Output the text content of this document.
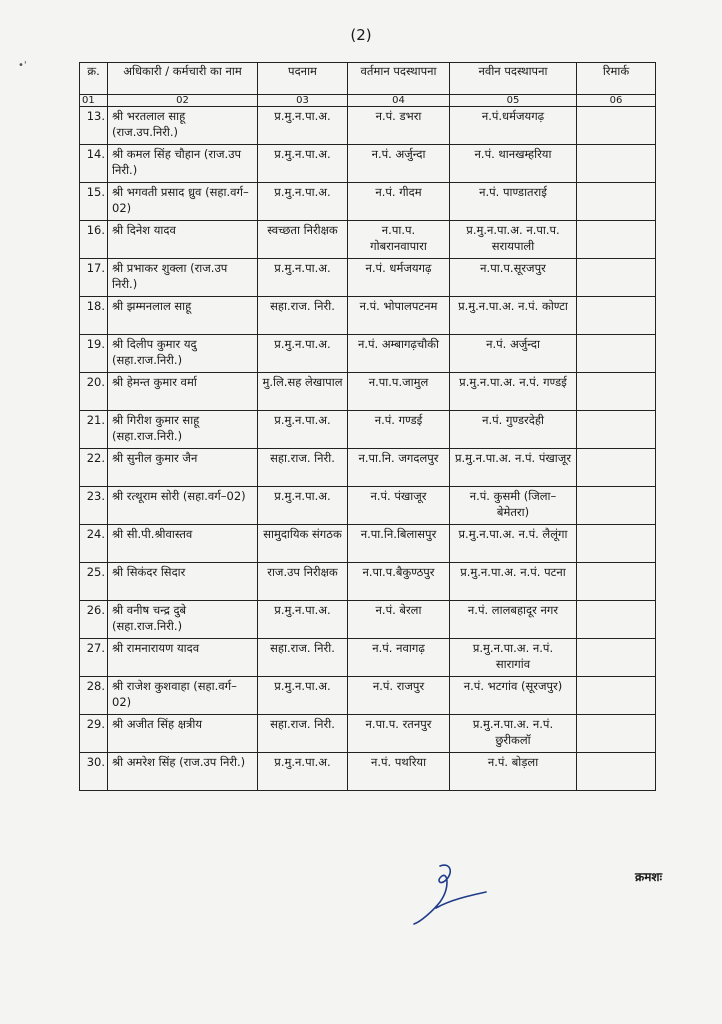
(2)
•'	क्र.	अधिकारी / कर्मचारी का नाम	पदनाम	वर्तमान पदस्थापना	नवीन पदस्थापना	रिमार्क
01	02	03	04	05	06
13.	श्री भरतलाल साहू (राज.उप.निरी.)	प्र.मु.न.पा.अ.	न.पं. डभरा	न.पं.धर्मजयगढ़	
14.	श्री कमल सिंह चौहान (राज.उप निरी.)	प्र.मु.न.पा.अ.	न.पं. अर्जुन्दा	न.पं. थानखम्हरिया	
15.	श्री भगवती प्रसाद ध्रुव (सहा.वर्ग–02)	प्र.मु.न.पा.अ.	न.पं. गीदम	न.पं. पाण्डातराई	
16.	श्री दिनेश यादव	स्वच्छता निरीक्षक	न.पा.प. गोबरानवापारा	प्र.मु.न.पा.अ. न.पा.प. सरायपाली	
17.	श्री प्रभाकर शुक्ला (राज.उप निरी.)	प्र.मु.न.पा.अ.	न.पं. धर्मजयगढ़	न.पा.प.सूरजपुर	
18.	श्री झम्मनलाल साहू	सहा.राज. निरी.	न.पं. भोपालपटनम	प्र.मु.न.पा.अ. न.पं. कोण्टा	
19.	श्री दिलीप कुमार यदु (सहा.राज.निरी.)	प्र.मु.न.पा.अ.	न.पं. अम्बागढ़चौकी	न.पं. अर्जुन्दा	
20.	श्री हेमन्त कुमार वर्मा	मु.लि.सह लेखापाल	न.पा.प.जामुल	प्र.मु.न.पा.अ. न.पं. गण्डई	
21.	श्री गिरीश कुमार साहू (सहा.राज.निरी.)	प्र.मु.न.पा.अ.	न.पं. गण्डई	न.पं. गुण्डरदेही	
22.	श्री सुनील कुमार जैन	सहा.राज. निरी.	न.पा.नि. जगदलपुर	प्र.मु.न.पा.अ. न.पं. पंखाजूर	
23.	श्री रत्थूराम सोरी (सहा.वर्ग–02)	प्र.मु.न.पा.अ.	न.पं. पंखाजूर	न.पं. कुसमी (जिला–बेमेतरा)	
24.	श्री सी.पी.श्रीवास्तव	सामुदायिक संगठक	न.पा.नि.बिलासपुर	प्र.मु.न.पा.अ. न.पं. लैलूंगा	
25.	श्री सिकंदर सिदार	राज.उप निरीक्षक	न.पा.प.बैकुण्ठपुर	प्र.मु.न.पा.अ. न.पं. पटना	
26.	श्री वनीष चन्द्र दुबे (सहा.राज.निरी.)	प्र.मु.न.पा.अ.	न.पं. बेरला	न.पं. लालबहादूर नगर	
27.	श्री रामनारायण यादव	सहा.राज. निरी.	न.पं. नवागढ़	प्र.मु.न.पा.अ. न.पं. सारागांव	
28.	श्री राजेश कुशवाहा (सहा.वर्ग–02)	प्र.मु.न.पा.अ.	न.पं. राजपुर	न.पं. भटगांव (सूरजपुर)	
29.	श्री अजीत सिंह क्षत्रीय	सहा.राज. निरी.	न.पा.प. रतनपुर	प्र.मु.न.पा.अ. न.पं. छुरीकलॉ	
30.	श्री अमरेश सिंह (राज.उप निरी.)	प्र.मु.न.पा.अ.	न.पं. पथरिया	न.पं. बोड़ला	
क्रमशः
